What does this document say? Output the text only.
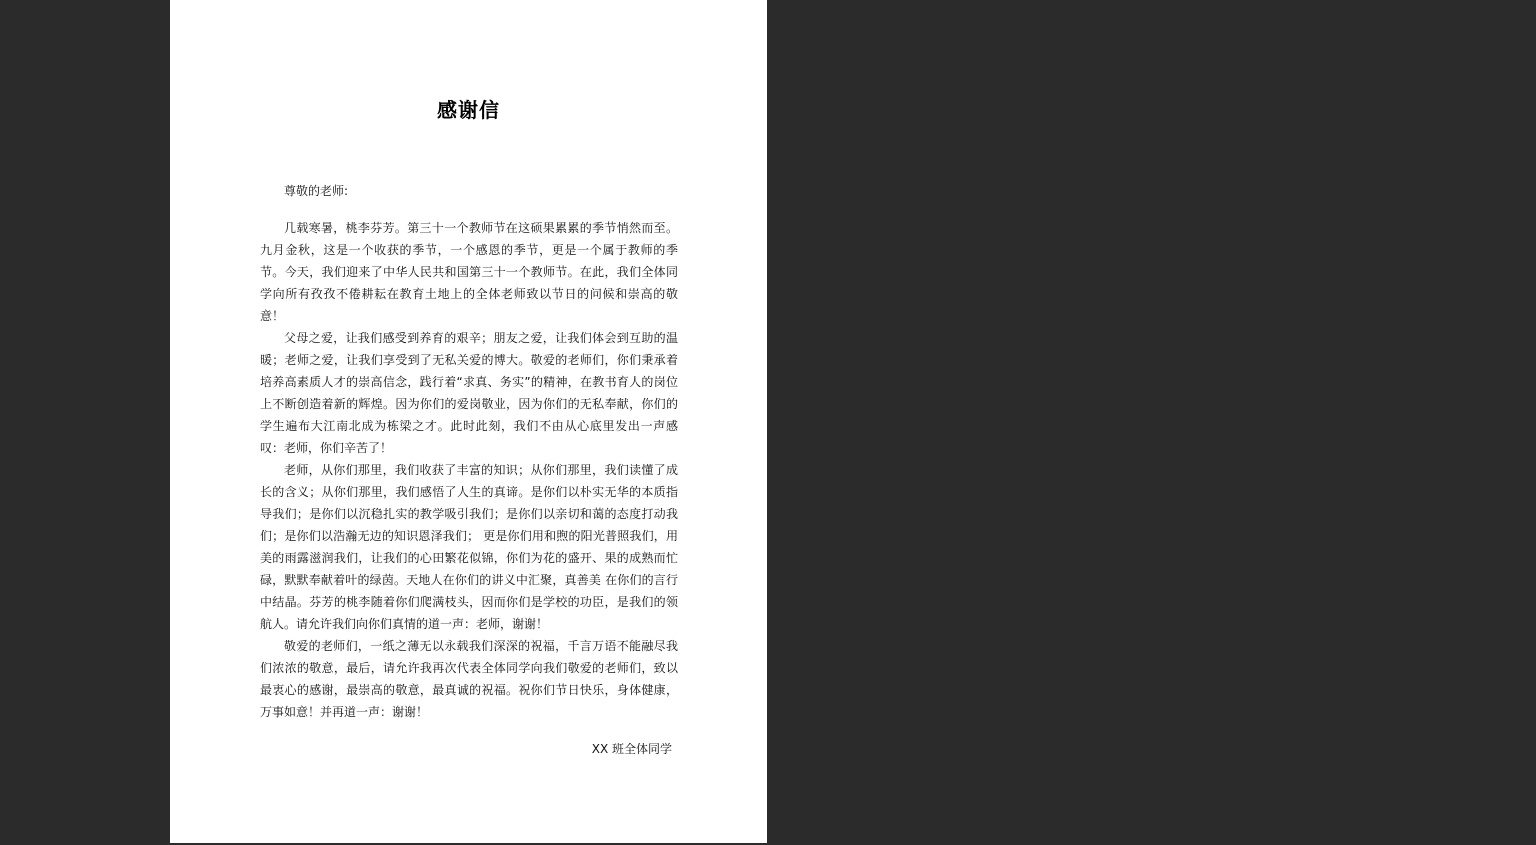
感谢信
尊敬的老师:

几载寒暑，桃李芬芳。第三十一个教师节在这硕果累累的季节悄然而至。九月金秋，这是一个收获的季节，一个感恩的季节，更是一个属于教师的季节。今天，我们迎来了中华人民共和国第三十一个教师节。在此，我们全体同学向所有孜孜不倦耕耘在教育土地上的全体老师致以节日的问候和崇高的敬意！

父母之爱，让我们感受到养育的艰辛；朋友之爱，让我们体会到互助的温暖；老师之爱，让我们享受到了无私关爱的博大。敬爱的老师们，你们秉承着培养高素质人才的崇高信念，践行着“求真、务实”的精神，在教书育人的岗位上不断创造着新的辉煌。因为你们的爱岗敬业，因为你们的无私奉献，你们的学生遍布大江南北成为栋梁之才。此时此刻，我们不由从心底里发出一声感叹：老师，你们辛苦了！

老师，从你们那里，我们收获了丰富的知识；从你们那里，我们读懂了成长的含义；从你们那里，我们感悟了人生的真谛。是你们以朴实无华的本质指导我们；是你们以沉稳扎实的教学吸引我们；是你们以亲切和蔼的态度打动我们；是你们以浩瀚无边的知识恩泽我们； 更是你们用和煦的阳光普照我们，用美的雨露滋润我们，让我们的心田繁花似锦，你们为花的盛开、果的成熟而忙碌，默默奉献着叶的绿茵。天地人在你们的讲义中汇聚，真善美 在你们的言行中结晶。芬芳的桃李随着你们爬满枝头，因而你们是学校的功臣，是我们的领航人。请允许我们向你们真情的道一声：老师，谢谢！

敬爱的老师们，一纸之薄无以永载我们深深的祝福，千言万语不能融尽我们浓浓的敬意，最后，请允许我再次代表全体同学向我们敬爱的老师们，致以最衷心的感谢，最崇高的敬意，最真诚的祝福。祝你们节日快乐，身体健康，万事如意！并再道一声：谢谢！

XX 班全体同学
